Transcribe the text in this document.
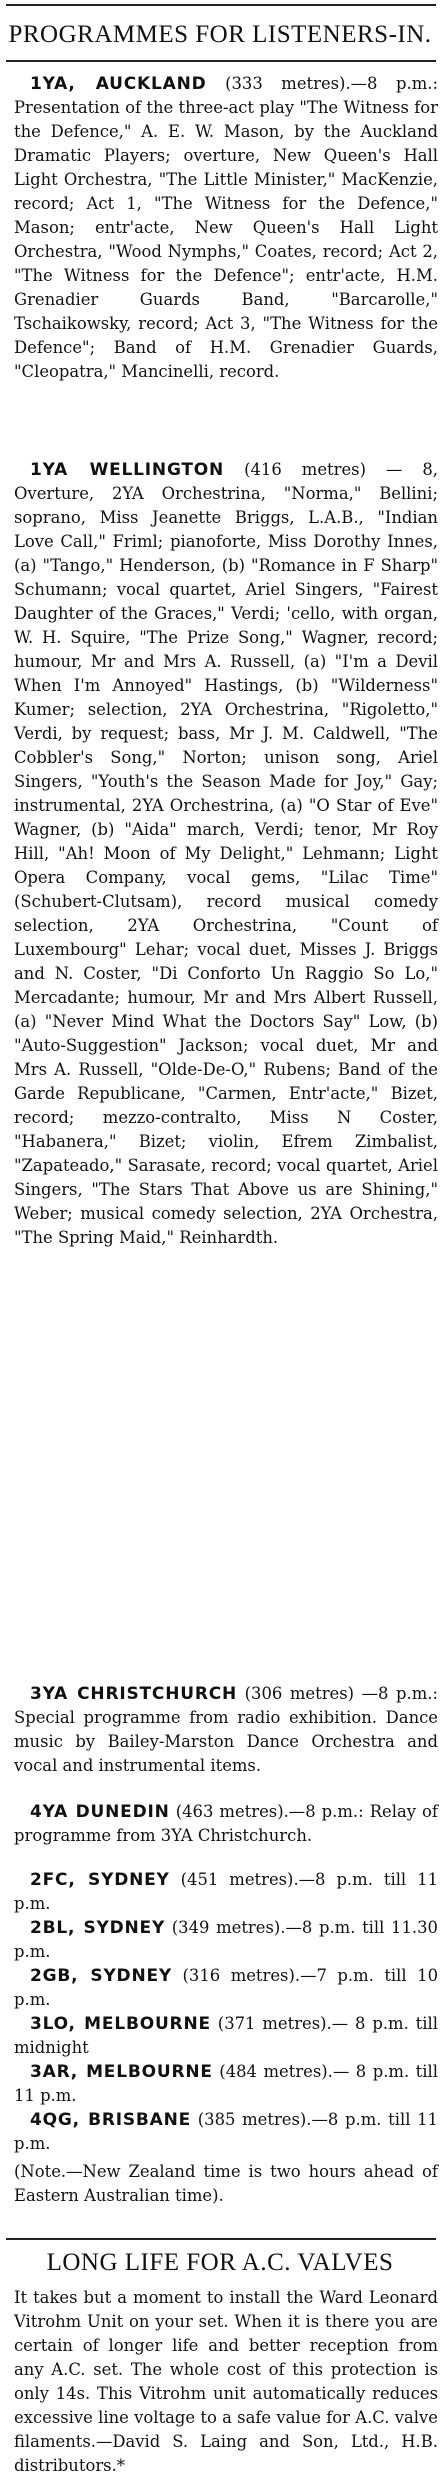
PROGRAMMES FOR LISTENERS-IN.

1YA, AUCKLAND (333 metres).—8 p.m.: Presentation of the three-act play "The Witness for the Defence," A. E. W. Mason, by the Auckland Dramatic Players; overture, New Queen's Hall Light Orchestra, "The Little Minister," MacKenzie, record; Act 1, "The Witness for the Defence," Mason; entr'acte, New Queen's Hall Light Orchestra, "Wood Nymphs," Coates, record; Act 2, "The Witness for the Defence"; entr'acte, H.M. Grenadier Guards Band, "Barcarolle," Tschaikowsky, record; Act 3, "The Witness for the Defence"; Band of H.M. Grenadier Guards, "Cleopatra," Mancinelli, record.

1YA WELLINGTON (416 metres) — 8, Overture, 2YA Orchestrina, "Norma," Bellini; soprano, Miss Jeanette Briggs, L.A.B., "Indian Love Call," Friml; pianoforte, Miss Dorothy Innes, (a) "Tango," Henderson, (b) "Romance in F Sharp" Schumann; vocal quartet, Ariel Singers, "Fairest Daughter of the Graces," Verdi; 'cello, with organ, W. H. Squire, "The Prize Song," Wagner, record; humour, Mr and Mrs A. Russell, (a) "I'm a Devil When I'm Annoyed" Hastings, (b) "Wilderness" Kumer; selection, 2YA Orchestrina, "Rigoletto," Verdi, by request; bass, Mr J. M. Caldwell, "The Cobbler's Song," Norton; unison song, Ariel Singers, "Youth's the Season Made for Joy," Gay; instrumental, 2YA Orchestrina, (a) "O Star of Eve" Wagner, (b) "Aida" march, Verdi; tenor, Mr Roy Hill, "Ah! Moon of My Delight," Lehmann; Light Opera Company, vocal gems, "Lilac Time" (Schubert-Clutsam), record musical comedy selection, 2YA Orchestrina, "Count of Luxembourg" Lehar; vocal duet, Misses J. Briggs and N. Coster, "Di Conforto Un Raggio So Lo," Mercadante; humour, Mr and Mrs Albert Russell, (a) "Never Mind What the Doctors Say" Low, (b) "Auto-Suggestion" Jackson; vocal duet, Mr and Mrs A. Russell, "Olde-De-O," Rubens; Band of the Garde Republicane, "Carmen, Entr'acte," Bizet, record; mezzo-contralto, Miss N Coster, "Habanera," Bizet; violin, Efrem Zimbalist, "Zapateado," Sarasate, record; vocal quartet, Ariel Singers, "The Stars That Above us are Shining," Weber; musical comedy selection, 2YA Orchestra, "The Spring Maid," Reinhardth.

3YA CHRISTCHURCH (306 metres) —8 p.m.: Special programme from radio exhibition. Dance music by Bailey-Marston Dance Orchestra and vocal and instrumental items.

4YA DUNEDIN (463 metres).—8 p.m.: Relay of programme from 3YA Christchurch.

2FC, SYDNEY (451 metres).—8 p.m. till 11 p.m.

2BL, SYDNEY (349 metres).—8 p.m. till 11.30 p.m.

2GB, SYDNEY (316 metres).—7 p.m. till 10 p.m.

3LO, MELBOURNE (371 metres).— 8 p.m. till midnight

3AR, MELBOURNE (484 metres).— 8 p.m. till 11 p.m.

4QG, BRISBANE (385 metres).—8 p.m. till 11 p.m.

(Note.—New Zealand time is two hours ahead of Eastern Australian time).

LONG LIFE FOR A.C. VALVES

It takes but a moment to install the Ward Leonard Vitrohm Unit on your set. When it is there you are certain of longer life and better reception from any A.C. set. The whole cost of this protection is only 14s. This Vitrohm unit automatically reduces excessive line voltage to a safe value for A.C. valve filaments.—David S. Laing and Son, Ltd., H.B. distributors.*
